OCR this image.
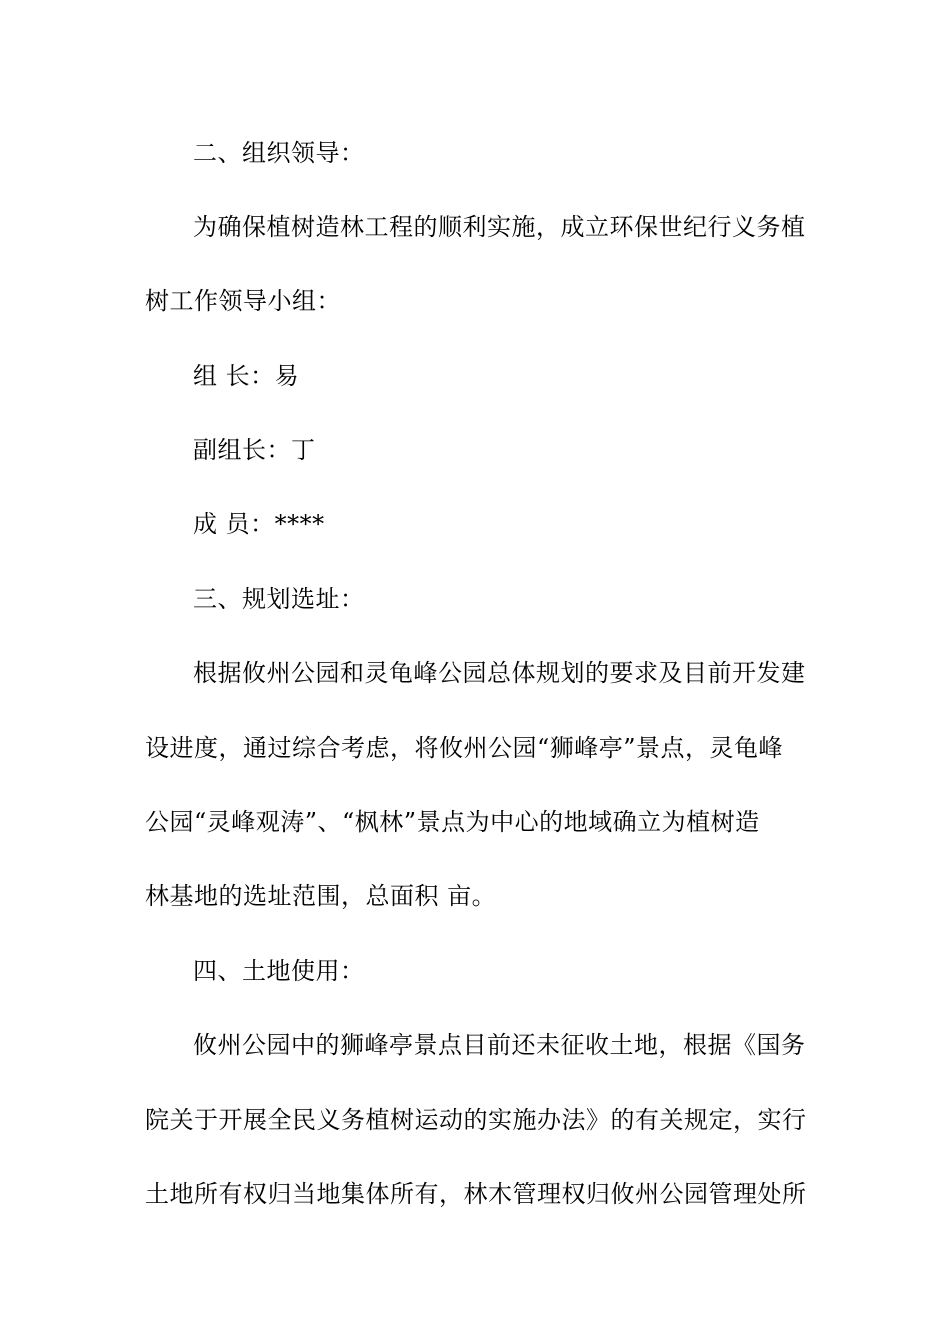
二、组织领导：
为确保植树造林工程的顺利实施，成立环保世纪行义务植
树工作领导小组：
组 长：易
副组长：丁
成 员：****
三、规划选址：
根据攸州公园和灵龟峰公园总体规划的要求及目前开发建
设进度，通过综合考虑，将攸州公园“狮峰亭”景点，灵龟峰
公园“灵峰观涛”、“枫林”景点为中心的地域确立为植树造
林基地的选址范围，总面积 亩。
四、土地使用：
攸州公园中的狮峰亭景点目前还未征收土地，根据《国务
院关于开展全民义务植树运动的实施办法》的有关规定，实行
土地所有权归当地集体所有，林木管理权归攸州公园管理处所
